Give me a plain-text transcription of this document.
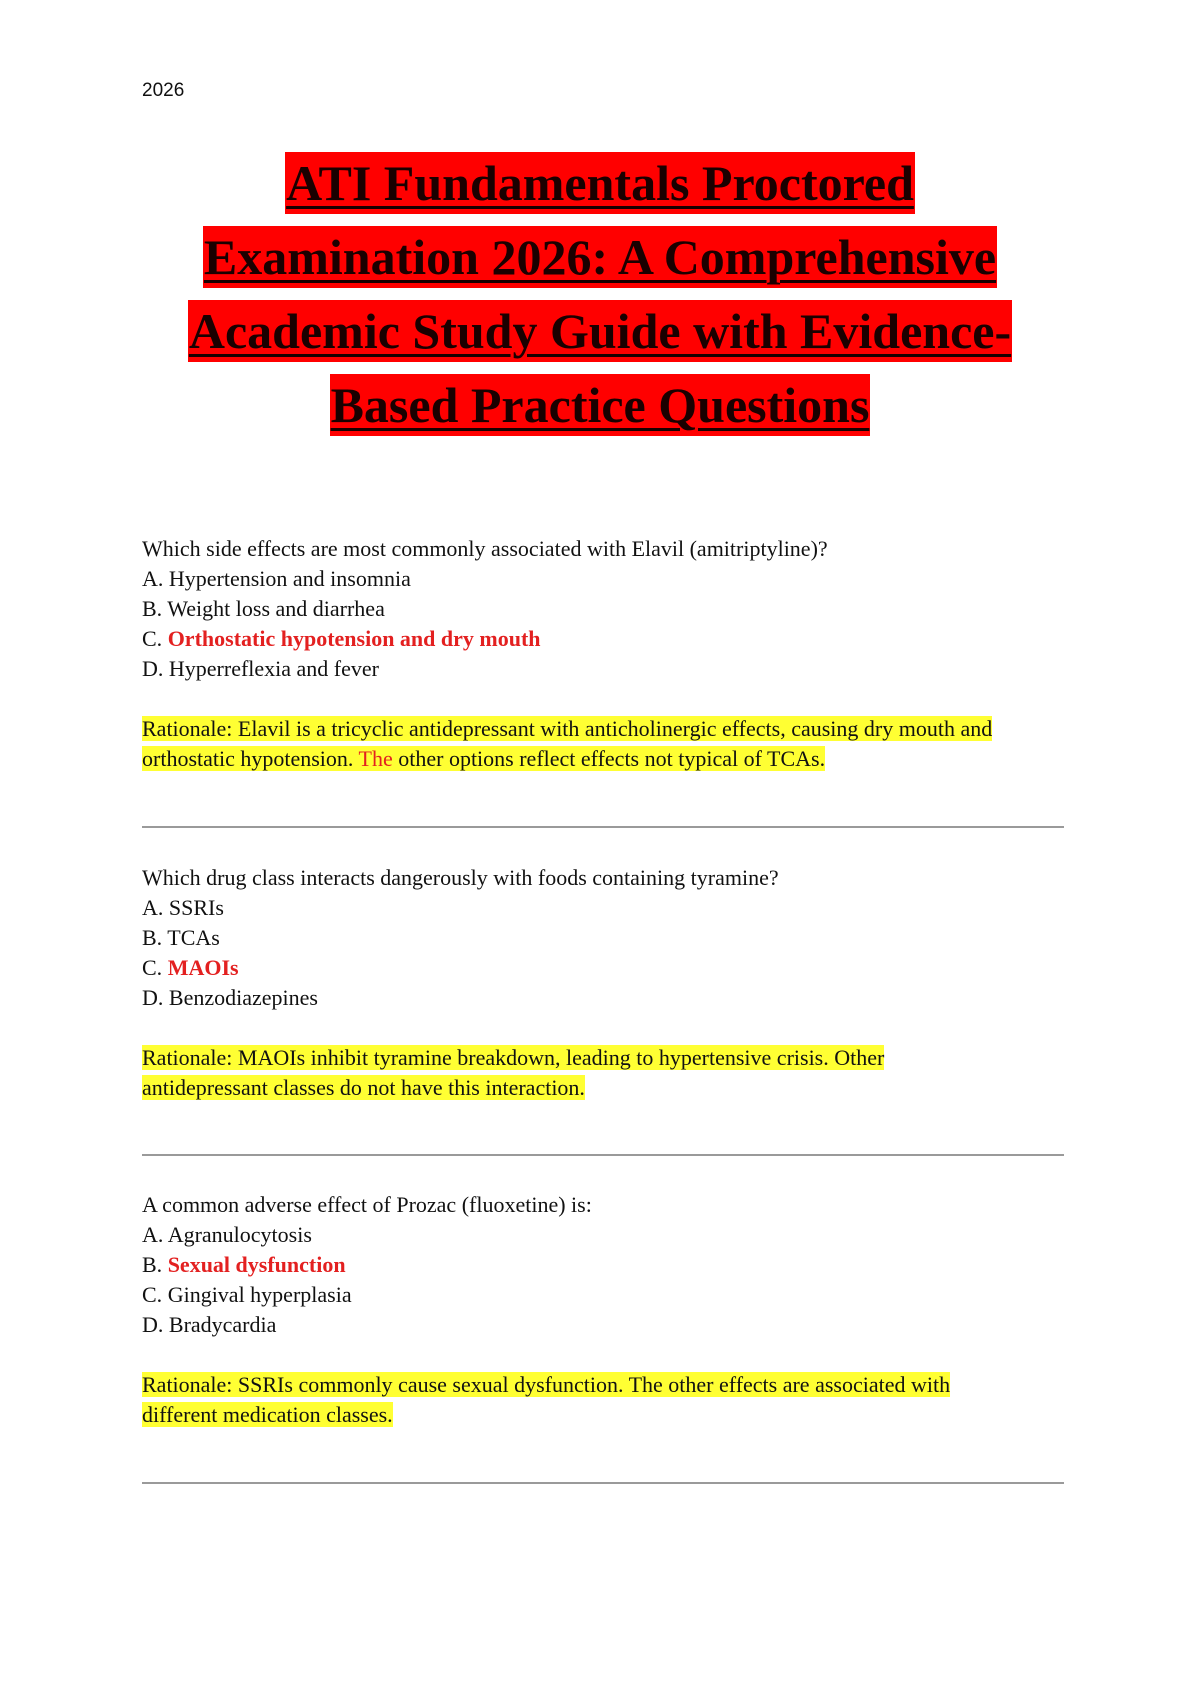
2026
ATI Fundamentals Proctored
Examination 2026: A Comprehensive
Academic Study Guide with Evidence-
Based Practice Questions
Which side effects are most commonly associated with Elavil (amitriptyline)?
A. Hypertension and insomnia
B. Weight loss and diarrhea
C. Orthostatic hypotension and dry mouth
D. Hyperreflexia and fever
Rationale: Elavil is a tricyclic antidepressant with anticholinergic effects, causing dry mouth and
orthostatic hypotension. The other options reflect effects not typical of TCAs.
Which drug class interacts dangerously with foods containing tyramine?
A. SSRIs
B. TCAs
C. MAOIs
D. Benzodiazepines
Rationale: MAOIs inhibit tyramine breakdown, leading to hypertensive crisis. Other
antidepressant classes do not have this interaction.
A common adverse effect of Prozac (fluoxetine) is:
A. Agranulocytosis
B. Sexual dysfunction
C. Gingival hyperplasia
D. Bradycardia
Rationale: SSRIs commonly cause sexual dysfunction. The other effects are associated with
different medication classes.
